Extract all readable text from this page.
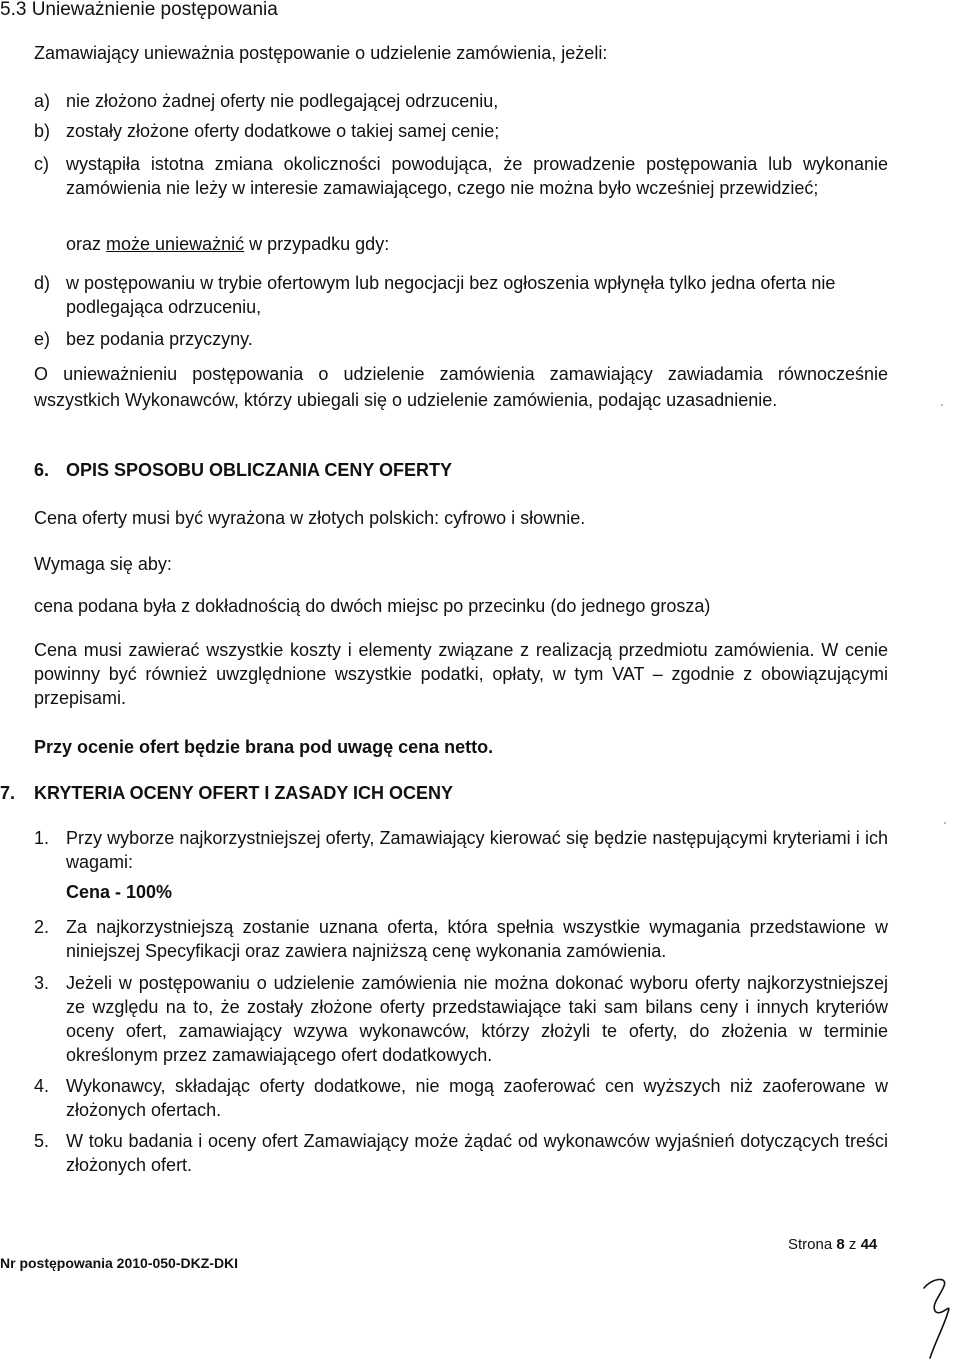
5.3 Unieważnienie postępowania

Zamawiający unieważnia postępowanie o udzielenie zamówienia, jeżeli:

a) nie złożono żadnej oferty nie podlegającej odrzuceniu,

b) zostały złożone oferty dodatkowe o takiej samej cenie;

c) wystąpiła istotna zmiana okoliczności powodująca, że prowadzenie postępowania lub wykonanie zamówienia nie leży w interesie zamawiającego, czego nie można było wcześniej przewidzieć;

oraz może unieważnić w przypadku gdy:

d) w postępowaniu w trybie ofertowym lub negocjacji bez ogłoszenia wpłynęła tylko jedna oferta nie podlegająca odrzuceniu,

e) bez podania przyczyny.

O unieważnieniu postępowania o udzielenie zamówienia zamawiający zawiadamia równocześnie wszystkich Wykonawców, którzy ubiegali się o udzielenie zamówienia, podając uzasadnienie.

6. OPIS SPOSOBU OBLICZANIA CENY OFERTY

Cena oferty musi być wyrażona w złotych polskich: cyfrowo i słownie.

Wymaga się aby:

cena podana była z dokładnością do dwóch miejsc po przecinku (do jednego grosza)

Cena musi zawierać wszystkie koszty i elementy związane z realizacją przedmiotu zamówienia. W cenie powinny być również uwzględnione wszystkie podatki, opłaty, w tym VAT – zgodnie z obowiązującymi przepisami.

Przy ocenie ofert będzie brana pod uwagę cena netto.

7. KRYTERIA OCENY OFERT I ZASADY ICH OCENY

1. Przy wyborze najkorzystniejszej oferty, Zamawiający kierować się będzie następującymi kryteriami i ich wagami:

Cena - 100%

2. Za najkorzystniejszą zostanie uznana oferta, która spełnia wszystkie wymagania przedstawione w niniejszej Specyfikacji oraz zawiera najniższą cenę wykonania zamówienia.

3. Jeżeli w postępowaniu o udzielenie zamówienia nie można dokonać wyboru oferty najkorzystniejszej ze względu na to, że zostały złożone oferty przedstawiające taki sam bilans ceny i innych kryteriów oceny ofert, zamawiający wzywa wykonawców, którzy złożyli te oferty, do złożenia w terminie określonym przez zamawiającego ofert dodatkowych.

4. Wykonawcy, składając oferty dodatkowe, nie mogą zaoferować cen wyższych niż zaoferowane w złożonych ofertach.

5. W toku badania i oceny ofert Zamawiający może żądać od wykonawców wyjaśnień dotyczących treści złożonych ofert.

Strona 8 z 44

Nr postępowania 2010-050-DKZ-DKI
